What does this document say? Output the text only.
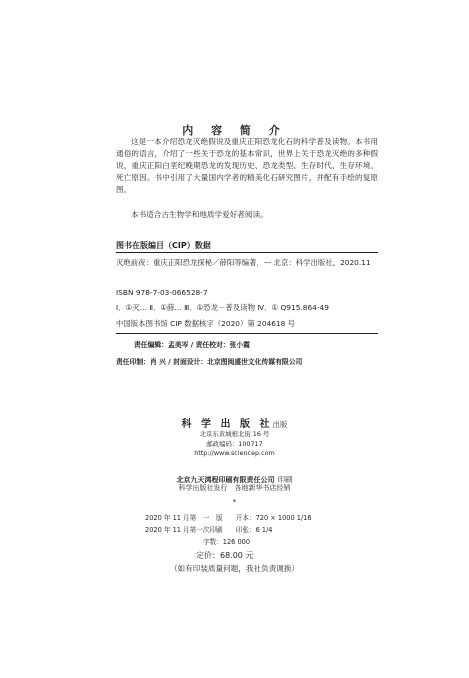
内 容 简 介
这是一本介绍恐龙灭绝假说及重庆正阳恐龙化石的科学普及读物。本书用通俗的语言，介绍了一些关于恐龙的基本常识，世界上关于恐龙灭绝的多种假说，重庆正阳白垩纪晚期恐龙的发现历史、恐龙类型、生存时代、生存环境、死亡原因。书中引用了大量国内学者的精美化石研究图片，并配有手绘的复原图。
本书适合古生物学和地质学爱好者阅读。
图书在版编目（CIP）数据
灭绝前夜：重庆正阳恐龙探秘／薛阳等编著．— 北京：科学出版社，2020.11
ISBN 978-7-03-066528-7
Ⅰ．①灭… Ⅱ．①薛… Ⅲ．①恐龙－普及读物 Ⅳ．① Q915.864-49
中国版本图书馆 CIP 数据核字（2020）第 204618 号
责任编辑：孟美岑 / 责任校对：张小霞
责任印制：肖 兴 / 封面设计：北京图阅盛世文化传媒有限公司
科 学 出 版 社出版
北京东黄城根北街 16 号
邮政编码：100717
http://www.sciencep.com
北京九天鸿程印刷有限责任公司 印刷
科学出版社发行　各地新华书店经销
*
2020 年 11 月第　一　版　　开本：720 × 1000 1/16
2020 年 11 月第一次印刷　　印张：6 1/4
字数：126 000
定价：68.00 元
（如有印装质量问题，我社负责调换）
